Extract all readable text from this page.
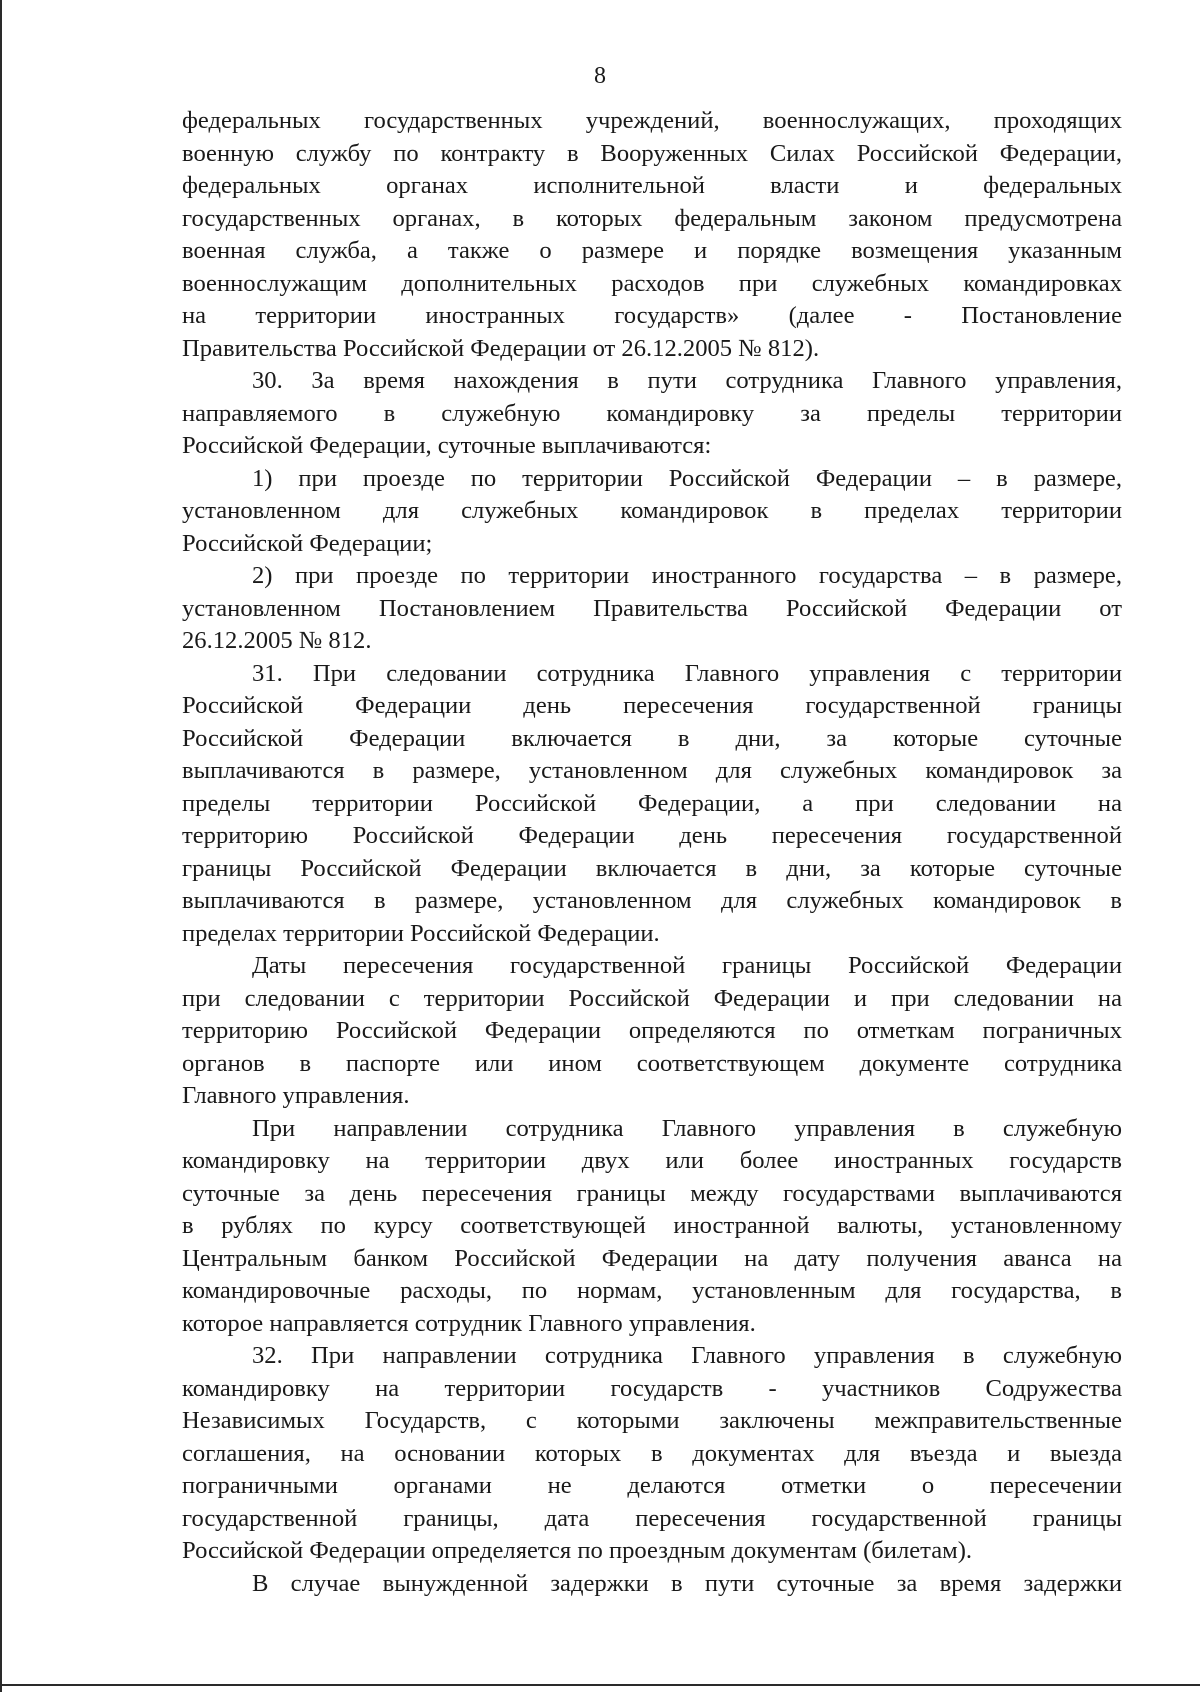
8
федеральных государственных учреждений, военнослужащих, проходящих
военную службу по контракту в Вооруженных Силах Российской Федерации,
федеральных органах исполнительной власти и федеральных
государственных органах, в которых федеральным законом предусмотрена
военная служба, а также о размере и порядке возмещения указанным
военнослужащим дополнительных расходов при служебных командировках
на территории иностранных государств» (далее - Постановление
Правительства Российской Федерации от 26.12.2005 № 812).
30. За время нахождения в пути сотрудника Главного управления,
направляемого в служебную командировку за пределы территории
Российской Федерации, суточные выплачиваются:
1) при проезде по территории Российской Федерации – в размере,
установленном для служебных командировок в пределах территории
Российской Федерации;
2) при проезде по территории иностранного государства – в размере,
установленном Постановлением Правительства Российской Федерации от
26.12.2005 № 812.
31. При следовании сотрудника Главного управления с территории
Российской Федерации день пересечения государственной границы
Российской Федерации включается в дни, за которые суточные
выплачиваются в размере, установленном для служебных командировок за
пределы территории Российской Федерации, а при следовании на
территорию Российской Федерации день пересечения государственной
границы Российской Федерации включается в дни, за которые суточные
выплачиваются в размере, установленном для служебных командировок в
пределах территории Российской Федерации.
Даты пересечения государственной границы Российской Федерации
при следовании с территории Российской Федерации и при следовании на
территорию Российской Федерации определяются по отметкам пограничных
органов в паспорте или ином соответствующем документе сотрудника
Главного управления.
При направлении сотрудника Главного управления в служебную
командировку на территории двух или более иностранных государств
суточные за день пересечения границы между государствами выплачиваются
в рублях по курсу соответствующей иностранной валюты, установленному
Центральным банком Российской Федерации на дату получения аванса на
командировочные расходы, по нормам, установленным для государства, в
которое направляется сотрудник Главного управления.
32. При направлении сотрудника Главного управления в служебную
командировку на территории государств - участников Содружества
Независимых Государств, с которыми заключены межправительственные
соглашения, на основании которых в документах для въезда и выезда
пограничными органами не делаются отметки о пересечении
государственной границы, дата пересечения государственной границы
Российской Федерации определяется по проездным документам (билетам).
В случае вынужденной задержки в пути суточные за время задержки
